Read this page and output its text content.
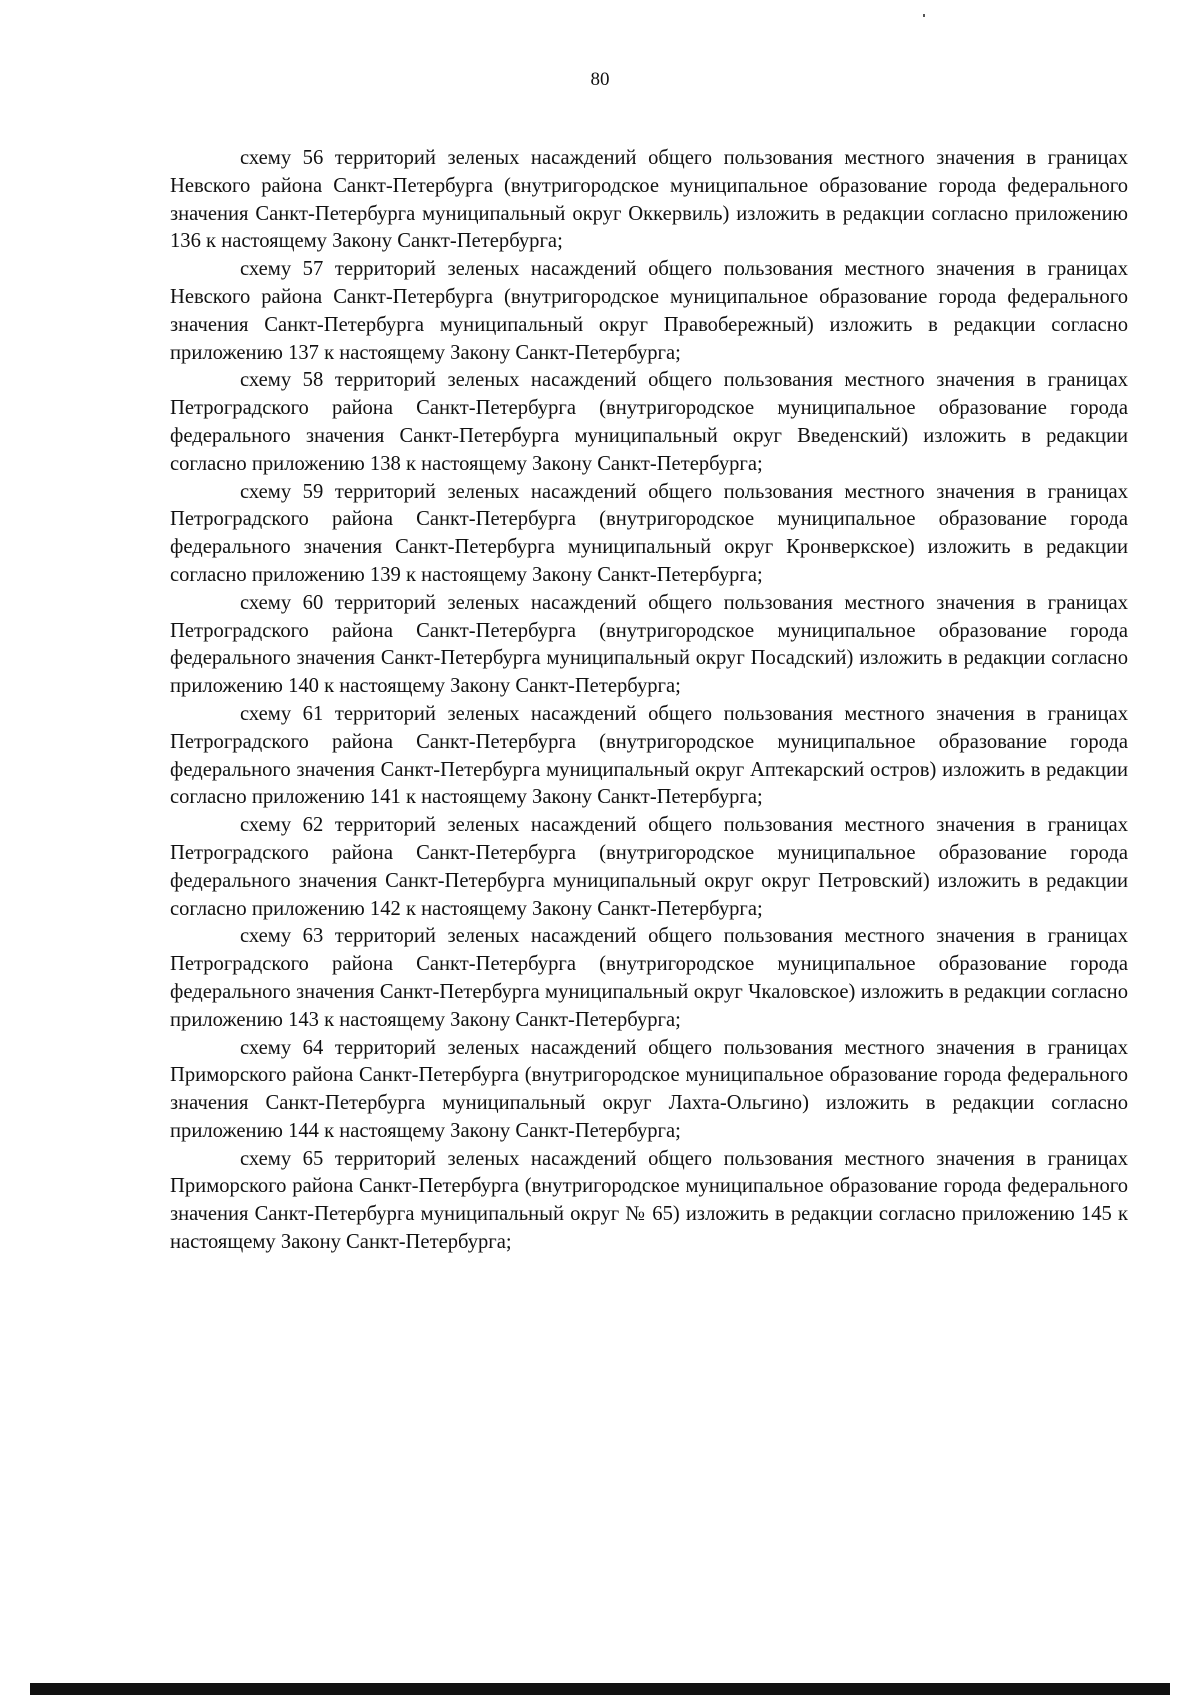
80

схему 56 территорий зеленых насаждений общего пользования местного значения в границах Невского района Санкт-Петербурга (внутригородское муниципальное образование города федерального значения Санкт-Петербурга муниципальный округ Оккервиль) изложить в редакции согласно приложению 136 к настоящему Закону Санкт-Петербурга;

схему 57 территорий зеленых насаждений общего пользования местного значения в границах Невского района Санкт-Петербурга (внутригородское муниципальное образование города федерального значения Санкт-Петербурга муниципальный округ Правобережный) изложить в редакции согласно приложению 137 к настоящему Закону Санкт-Петербурга;

схему 58 территорий зеленых насаждений общего пользования местного значения в границах Петроградского района Санкт-Петербурга (внутригородское муниципальное образование города федерального значения Санкт-Петербурга муниципальный округ Введенский) изложить в редакции согласно приложению 138 к настоящему Закону Санкт-Петербурга;

схему 59 территорий зеленых насаждений общего пользования местного значения в границах Петроградского района Санкт-Петербурга (внутригородское муниципальное образование города федерального значения Санкт-Петербурга муниципальный округ Кронверкское) изложить в редакции согласно приложению 139 к настоящему Закону Санкт-Петербурга;

схему 60 территорий зеленых насаждений общего пользования местного значения в границах Петроградского района Санкт-Петербурга (внутригородское муниципальное образование города федерального значения Санкт-Петербурга муниципальный округ Посадский) изложить в редакции согласно приложению 140 к настоящему Закону Санкт-Петербурга;

схему 61 территорий зеленых насаждений общего пользования местного значения в границах Петроградского района Санкт-Петербурга (внутригородское муниципальное образование города федерального значения Санкт-Петербурга муниципальный округ Аптекарский остров) изложить в редакции согласно приложению 141 к настоящему Закону Санкт-Петербурга;

схему 62 территорий зеленых насаждений общего пользования местного значения в границах Петроградского района Санкт-Петербурга (внутригородское муниципальное образование города федерального значения Санкт-Петербурга муниципальный округ округ Петровский) изложить в редакции согласно приложению 142 к настоящему Закону Санкт-Петербурга;

схему 63 территорий зеленых насаждений общего пользования местного значения в границах Петроградского района Санкт-Петербурга (внутригородское муниципальное образование города федерального значения Санкт-Петербурга муниципальный округ Чкаловское) изложить в редакции согласно приложению 143 к настоящему Закону Санкт-Петербурга;

схему 64 территорий зеленых насаждений общего пользования местного значения в границах Приморского района Санкт-Петербурга (внутригородское муниципальное образование города федерального значения Санкт-Петербурга муниципальный округ Лахта-Ольгино) изложить в редакции согласно приложению 144 к настоящему Закону Санкт-Петербурга;

схему 65 территорий зеленых насаждений общего пользования местного значения в границах Приморского района Санкт-Петербурга (внутригородское муниципальное образование города федерального значения Санкт-Петербурга муниципальный округ № 65) изложить в редакции согласно приложению 145 к настоящему Закону Санкт-Петербурга;
